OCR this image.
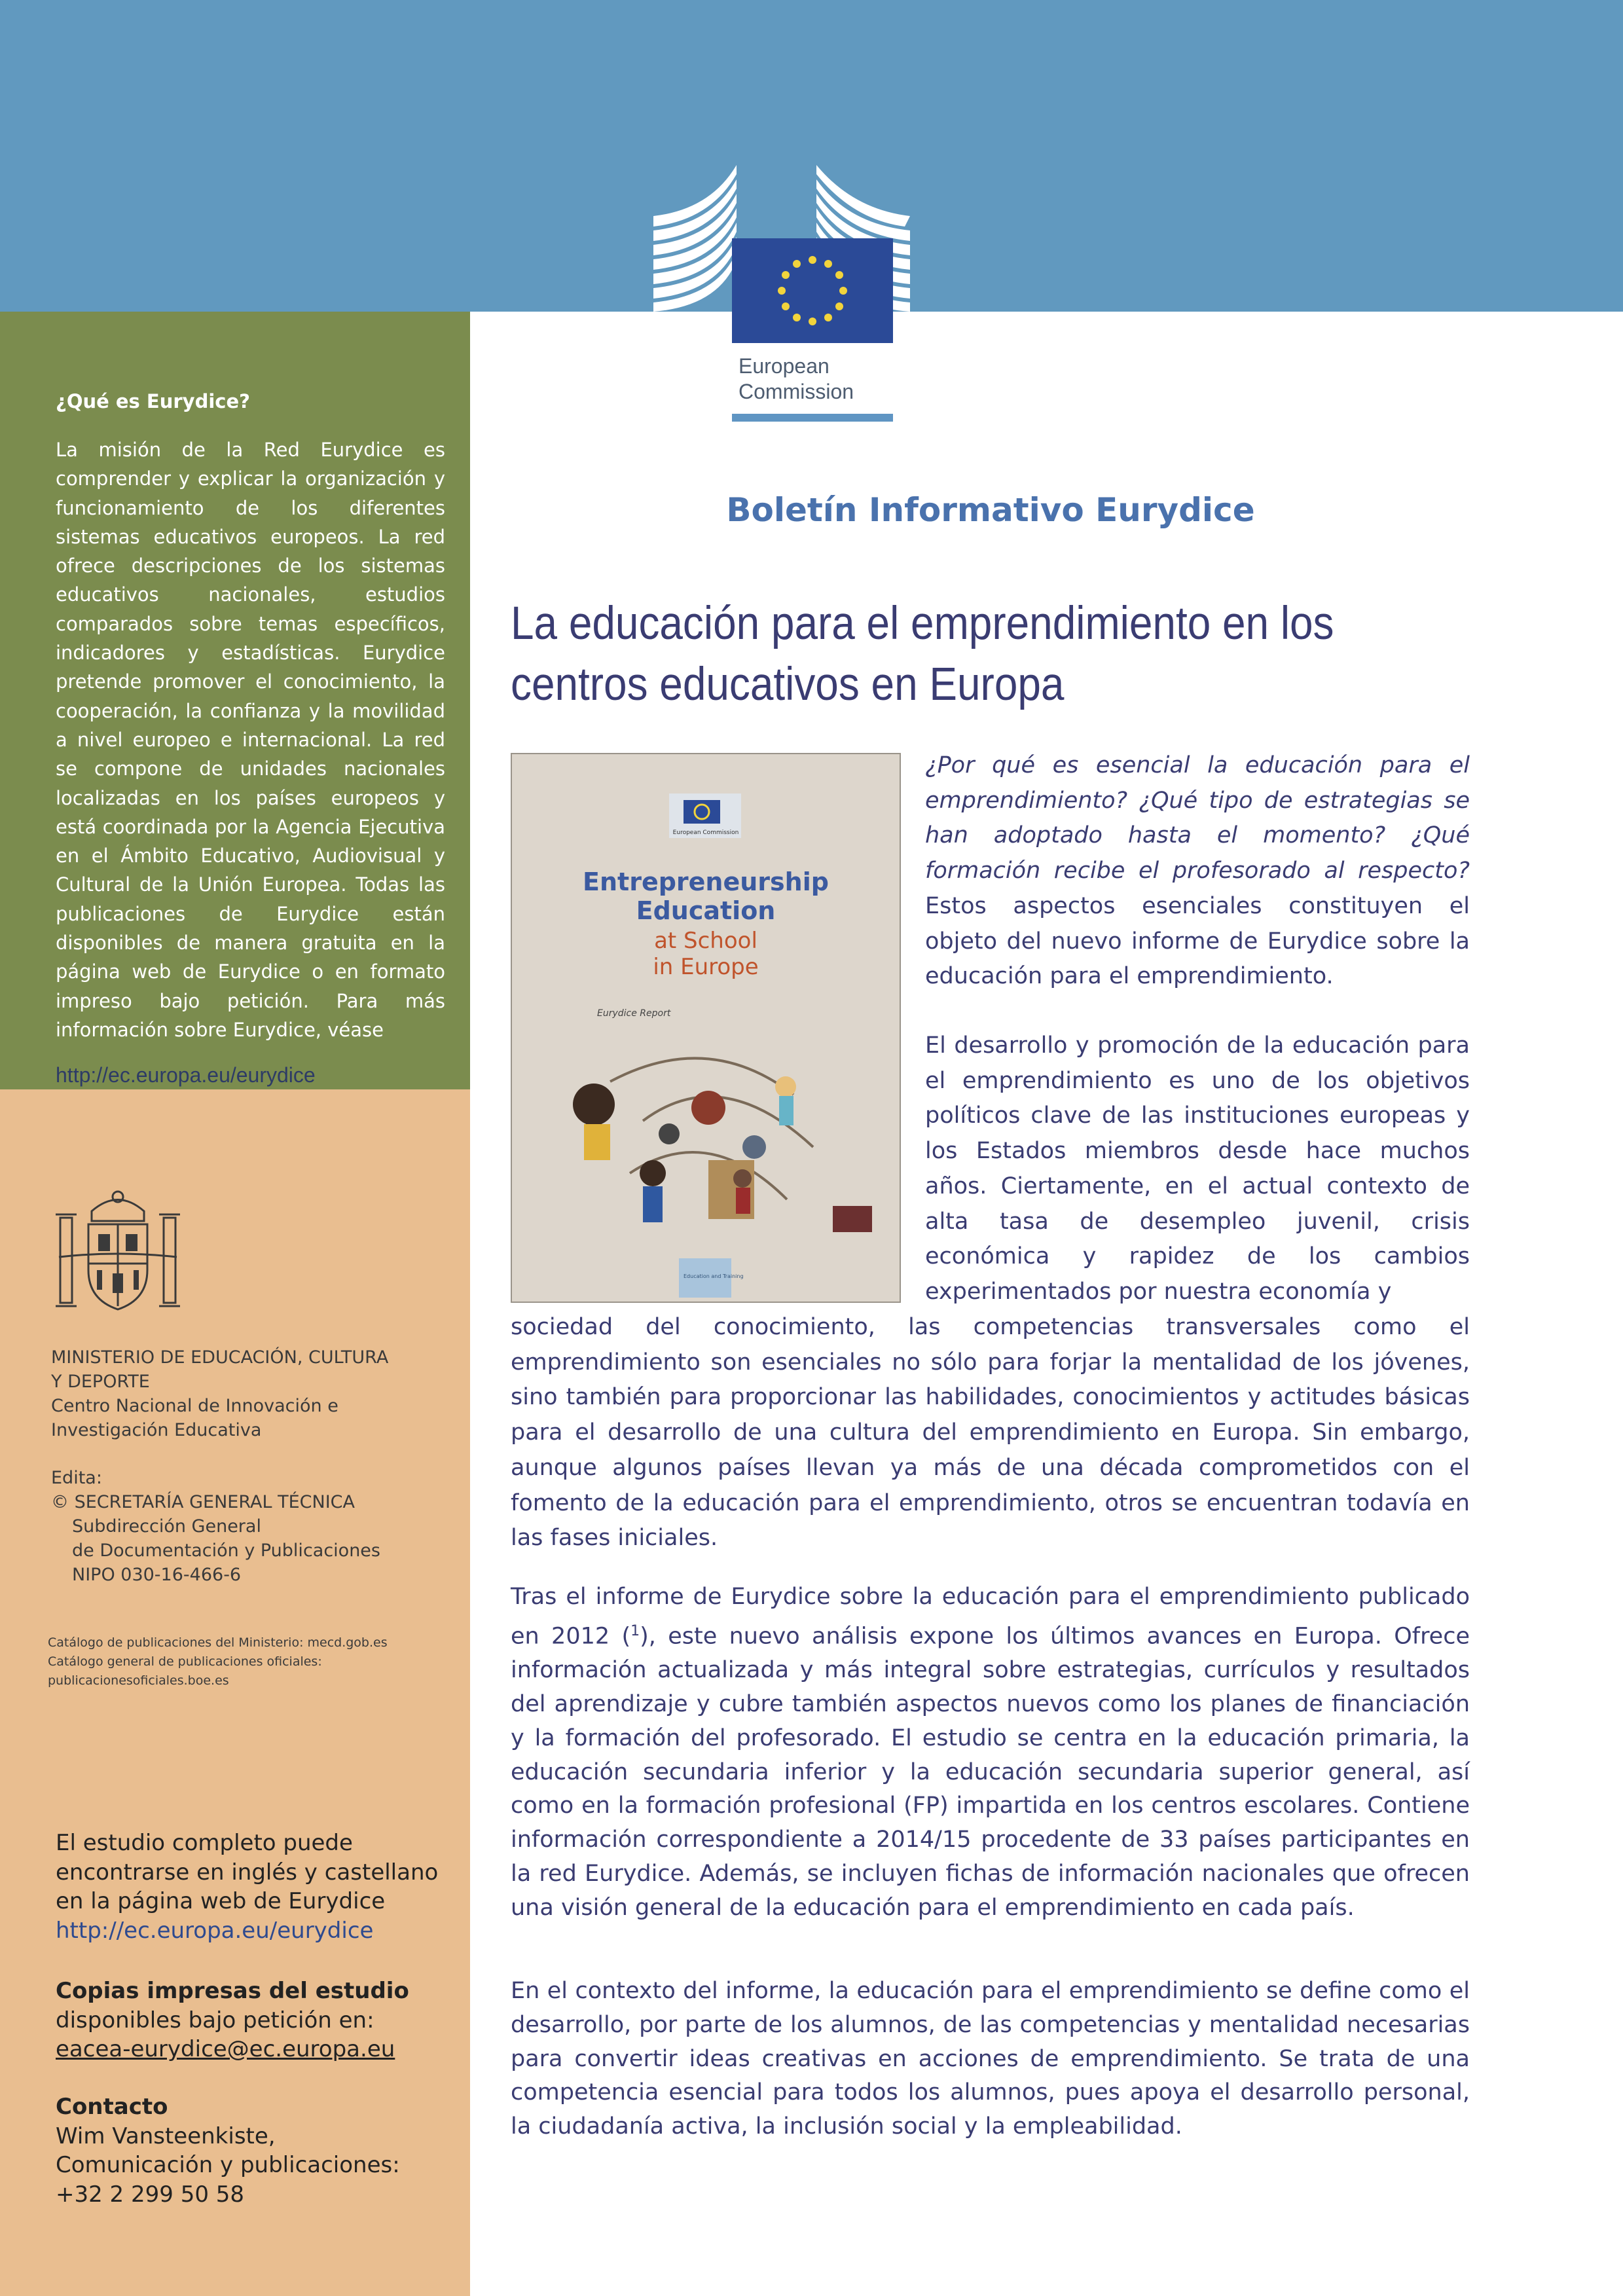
European
Commission
¿Qué es Eurydice?
La misión de la Red Eurydice es comprender y explicar la organización y funcionamiento de los diferentes sistemas educativos europeos. La red ofrece descripciones de los sistemas educativos nacionales, estudios comparados sobre temas específicos, indicadores y estadísticas. Eurydice pretende promover el conocimiento, la cooperación, la confianza y la movilidad a nivel europeo e internacional. La red se compone de unidades nacionales localizadas en los países europeos y está coordinada por la Agencia Ejecutiva en el Ámbito Educativo, Audiovisual y Cultural de la Unión Europea. Todas las publicaciones de Eurydice están disponibles de manera gratuita en la página web de Eurydice o en formato impreso bajo petición. Para más información sobre Eurydice, véase
http://ec.europa.eu/eurydice
MINISTERIO DE EDUCACIÓN, CULTURA
Y DEPORTE
Centro Nacional de Innovación e
Investigación Educativa
Edita:
© SECRETARÍA GENERAL TÉCNICA
Subdirección General
de Documentación y Publicaciones
NIPO 030-16-466-6
Catálogo de publicaciones del Ministerio: mecd.gob.es
Catálogo general de publicaciones oficiales:
publicacionesoficiales.boe.es
El estudio completo puede
encontrarse en inglés y castellano
en la página web de Eurydice
http://ec.europa.eu/eurydice
Copias impresas del estudio
disponibles bajo petición en:
eacea-eurydice@ec.europa.eu
Contacto
Wim Vansteenkiste,
Comunicación y publicaciones:
+32 2 299 50 58
Boletín Informativo Eurydice
La educación para el emprendimiento en los
centros educativos en Europa
European Commission
Entrepreneurship
Education
at School
in Europe
Eurydice Report
Education and Training
¿Por qué es esencial la educación para el emprendimiento? ¿Qué tipo de estrategias se han adoptado hasta el momento? ¿Qué formación recibe el profesorado al respecto? Estos aspectos esenciales constituyen el objeto del nuevo informe de Eurydice sobre la educación para el emprendimiento.
El desarrollo y promoción de la educación para el emprendimiento es uno de los objetivos políticos clave de las instituciones europeas y los Estados miembros desde hace muchos años. Ciertamente, en el actual contexto de alta tasa de desempleo juvenil, crisis económica y rapidez de los cambios experimentados por nuestra economía y
sociedad del conocimiento, las competencias transversales como el emprendimiento son esenciales no sólo para forjar la mentalidad de los jóvenes, sino también para proporcionar las habilidades, conocimientos y actitudes básicas para el desarrollo de una cultura del emprendimiento en Europa. Sin embargo, aunque algunos países llevan ya más de una década comprometidos con el fomento de la educación para el emprendimiento, otros se encuentran todavía en las fases iniciales.
Tras el informe de Eurydice sobre la educación para el emprendimiento publicado en 2012 ($^1$), este nuevo análisis expone los últimos avances en Europa. Ofrece información actualizada y más integral sobre estrategias, currículos y resultados del aprendizaje y cubre también aspectos nuevos como los planes de financiación y la formación del profesorado. El estudio se centra en la educación primaria, la educación secundaria inferior y la educación secundaria superior general, así como en la formación profesional (FP) impartida en los centros escolares. Contiene información correspondiente a 2014/15 procedente de 33 países participantes en la red Eurydice. Además, se incluyen fichas de información nacionales que ofrecen una visión general de la educación para el emprendimiento en cada país.
En el contexto del informe, la educación para el emprendimiento se define como el desarrollo, por parte de los alumnos, de las competencias y mentalidad necesarias para convertir ideas creativas en acciones de emprendimiento. Se trata de una competencia esencial para todos los alumnos, pues apoya el desarrollo personal, la ciudadanía activa, la inclusión social y la empleabilidad.
